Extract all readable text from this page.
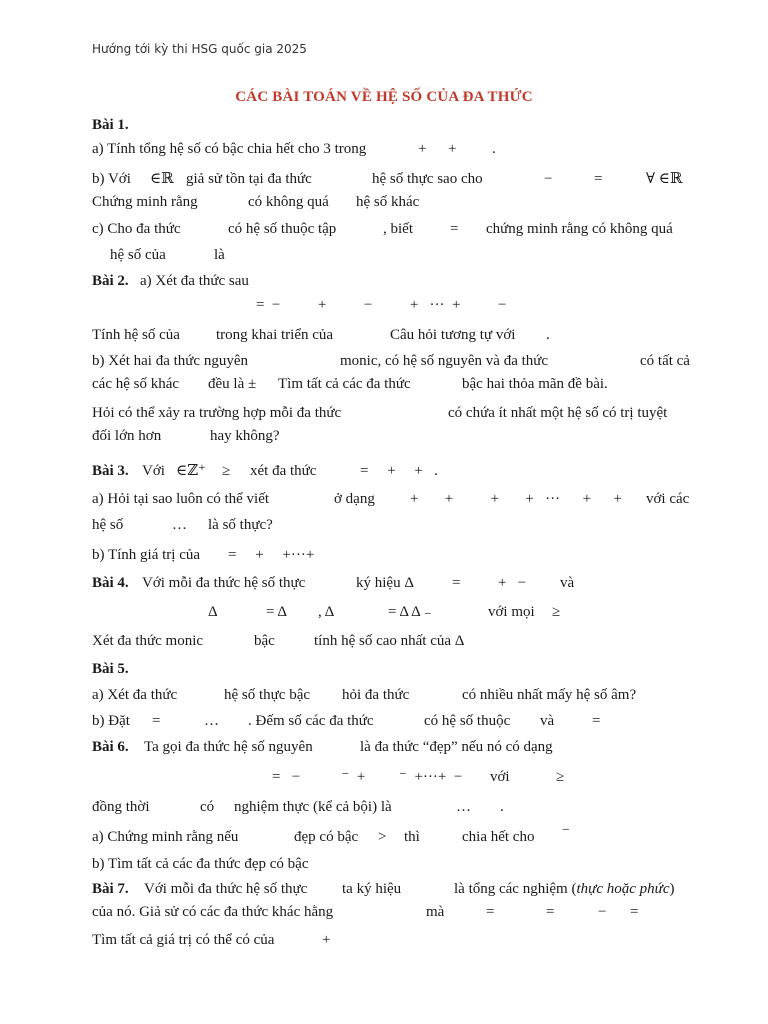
Hướng tới kỳ thi HSG quốc gia 2025
CÁC BÀI TOÁN VỀ HỆ SỐ CỦA ĐA THỨC
Bài 1.
a) Tính tổng hệ số có bậc chia hết cho 3 trong	+ + .
b) Với ∈ℝ giả sử tồn tại đa thức	hệ số thực sao cho	−	=	∀ ∈ℝ
Chứng minh rằng	có không quá hệ số khác
c) Cho đa thức	có hệ số thuộc tập	, biết = chứng minh rằng có không quá
hệ số của	là
Bài 2. a) Xét đa thức sau
=  −          +          −          +   ···  +          −
Tính hệ số của trong khai triển của	Câu hỏi tương tự với .
b) Xét hai đa thức nguyên	monic, có hệ số nguyên và đa thức	có tất cả
các hệ số khác đều là ± Tìm tất cả các đa thức	bậc hai thỏa mãn đề bài.
Hỏi có thể xảy ra trường hợp mỗi đa thức	có chứa ít nhất một hệ số có trị tuyệt
đối lớn hơn	hay không?
Bài 3. Với ∈ℤ⁺ ≥ xét đa thức	=     +     +   .
a) Hỏi tại sao luôn có thể viết	ở dạng +       +          +       +   ···      +      + với các
hệ số	… là số thực?
b) Tính giá trị của =     +     +···+
Bài 4. Với mỗi đa thức hệ số thực	ký hiệu Δ	=          +   − và
Δ	= Δ , Δ	= Δ Δ ₋	với mọi ≥
Xét đa thức monic	bậc	tính hệ số cao nhất của Δ
Bài 5.
a) Xét đa thức	hệ số thực bậc hỏi đa thức	có nhiều nhất mấy hệ số âm?
b) Đặt =	… . Đếm số các đa thức	có hệ số thuộc và	=
Bài 6. Ta gọi đa thức hệ số nguyên	là đa thức “đẹp” nếu nó có dạng
=   −           ⁻  +         ⁻  +···+  − với	≥
đồng thời	có nghiệm thực (kể cả bội) là	… .
a) Chứng minh rằng nếu	đẹp có bậc > thì	chia hết cho ⁻
b) Tìm tất cả các đa thức đẹp có bậc
Bài 7. Với mỗi đa thức hệ số thực ta ký hiệu	là tổng các nghiệm (thực hoặc phức)
của nó. Giả sử có các đa thức khác hằng	mà	=	=	− =
Tìm tất cả giá trị có thể có của	+
